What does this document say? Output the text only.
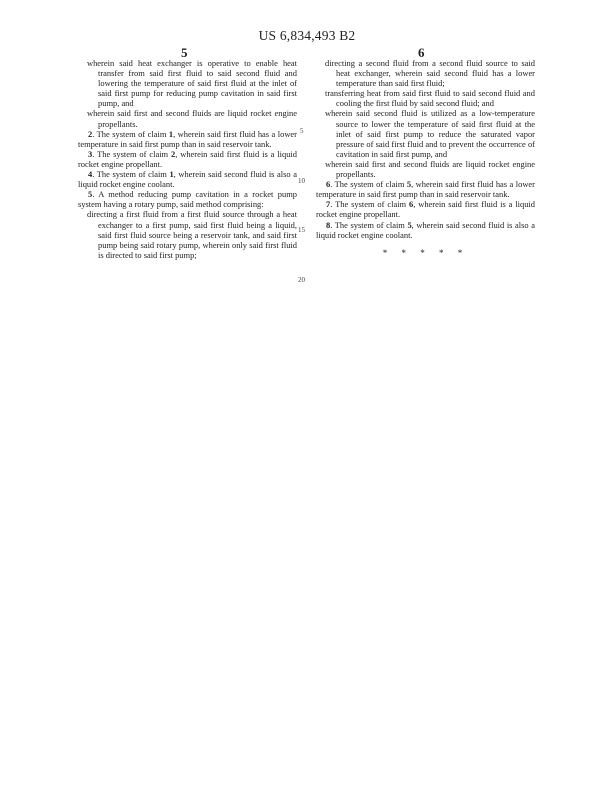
US 6,834,493 B2
5	6

wherein said heat exchanger is operative to enable heat transfer from said first fluid to said second fluid and lowering the temperature of said first fluid at the inlet of said first pump for reducing pump cavitation in said first pump, and

wherein said first and second fluids are liquid rocket engine propellants.

2. The system of claim 1, wherein said first fluid has a lower temperature in said first pump than in said reservoir tank.

3. The system of claim 2, wherein said first fluid is a liquid rocket engine propellant.

4. The system of claim 1, wherein said second fluid is also a liquid rocket engine coolant.

5. A method reducing pump cavitation in a rocket pump system having a rotary pump, said method comprising:

directing a first fluid from a first fluid source through a heat exchanger to a first pump, said first fluid being a liquid, said first fluid source being a reservoir tank, and said first pump being said rotary pump, wherein only said first fluid is directed to said first pump;

5
10
15
20

directing a second fluid from a second fluid source to said heat exchanger, wherein said second fluid has a lower temperature than said first fluid;

transferring heat from said first fluid to said second fluid and cooling the first fluid by said second fluid; and

wherein said second fluid is utilized as a low-temperature source to lower the temperature of said first fluid at the inlet of said first pump to reduce the saturated vapor pressure of said first fluid and to prevent the occurrence of cavitation in said first pump, and

wherein said first and second fluids are liquid rocket engine propellants.

6. The system of claim 5, wherein said first fluid has a lower temperature in said first pump than in said reservoir tank.

7. The system of claim 6, wherein said first fluid is a liquid rocket engine propellant.

8. The system of claim 5, wherein said second fluid is also a liquid rocket engine coolant.

* * * * *
